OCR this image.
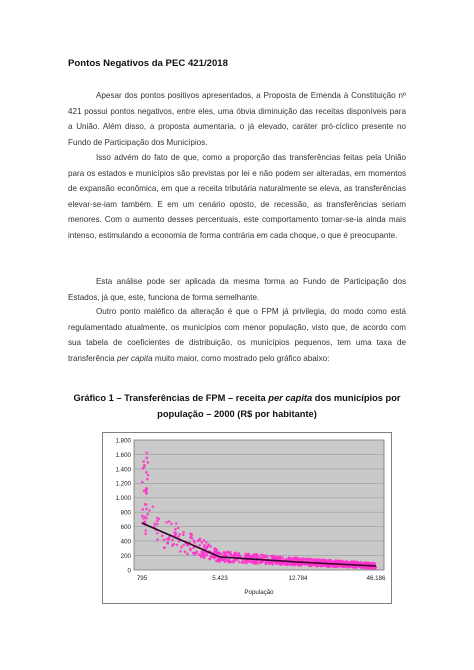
Pontos Negativos da PEC 421/2018

Apesar dos pontos positivos apresentados, a Proposta de Emenda à Constituição nº 421 possui pontos negativos, entre eles, uma óbvia diminuição das receitas disponíveis para a União. Além disso, a proposta aumentaria, o já elevado, caráter pró-cíclico presente no Fundo de Participação dos Municípios.

Isso advém do fato de que, como a proporção das transferências feitas pela União para os estados e municípios são previstas por lei e não podem ser alteradas, em momentos de expansão econômica, em que a receita tributária naturalmente se eleva, as transferências elevar-se-iam também. E em um cenário oposto, de recessão, as transferências seriam menores. Com o aumento desses percentuais, este comportamento tornar-se-ia ainda mais intenso, estimulando a economia de forma contrária em cada choque, o que é preocupante.

Esta análise pode ser aplicada da mesma forma ao Fundo de Participação dos Estados, já que, este, funciona de forma semelhante.

Outro ponto maléfico da alteração é que o FPM já privilegia, do modo como está regulamentado atualmente, os municípios com menor população, visto que, de acordo com sua tabela de coeficientes de distribuição, os municípios pequenos, tem uma taxa de transferência per capita muito maior, como mostrado pelo gráfico abaixo:

Gráfico 1 – Transferências de FPM – receita per capita dos municípios por população – 2000 (R$ por habitante)
0
200
400
600
800
1.000
1.200
1.400
1.600
1.800
795	5.423	12.784	46.186
População
